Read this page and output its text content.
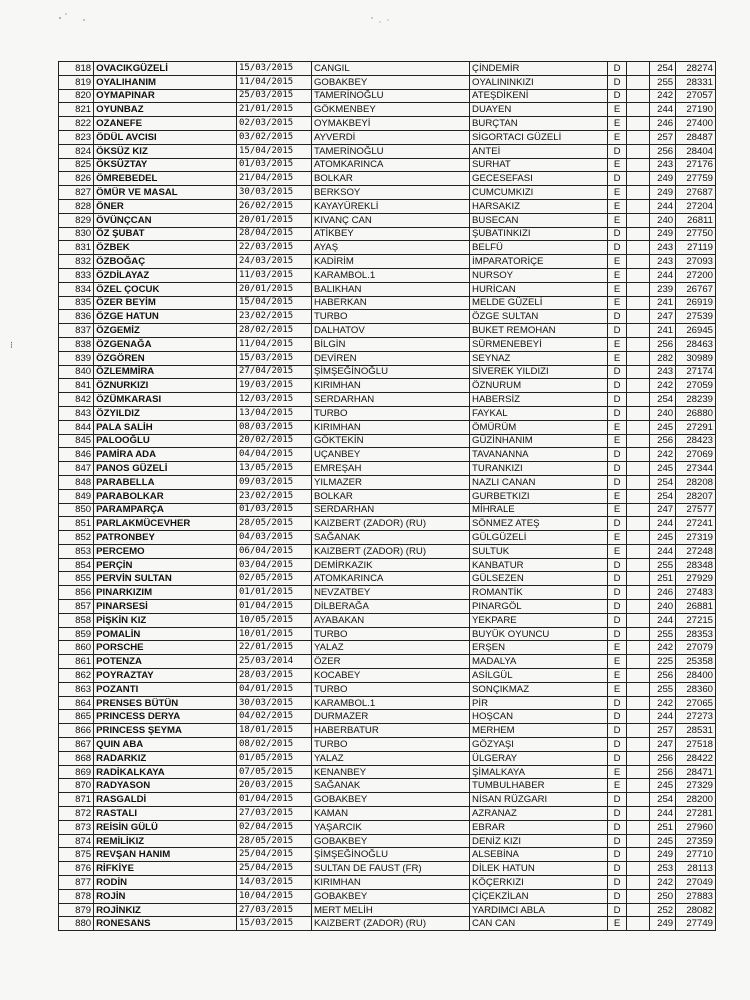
⁝
818	OVACIKGÜZELİ	15/03/2015	CANGIL	ÇİNDEMİR	D		254	28274
819	OYALIHANIM	11/04/2015	GOBAKBEY	OYALININKIZI	D		255	28331
820	OYMAPINAR	25/03/2015	TAMERİNOĞLU	ATEŞDİKENİ	D		242	27057
821	OYUNBAZ	21/01/2015	GÖKMENBEY	DUAYEN	E		244	27190
822	OZANEFE	02/03/2015	OYMAKBEYİ	BURÇTAN	E		246	27400
823	ÖDÜL AVCISI	03/02/2015	AYVERDİ	SİGORTACI GÜZELİ	E		257	28487
824	ÖKSÜZ KIZ	15/04/2015	TAMERİNOĞLU	ANTEİ	D		256	28404
825	ÖKSÜZTAY	01/03/2015	ATOMKARINCA	SURHAT	E		243	27176
826	ÖMREBEDEL	21/04/2015	BOLKAR	GECESEFASI	D		249	27759
827	ÖMÜR VE MASAL	30/03/2015	BERKSOY	CUMCUMKIZI	E		249	27687
828	ÖNER	26/02/2015	KAYAYÜREKLİ	HARSAKIZ	E		244	27204
829	ÖVÜNÇCAN	20/01/2015	KIVANÇ CAN	BUSECAN	E		240	26811
830	ÖZ ŞUBAT	28/04/2015	ATİKBEY	ŞUBATINKIZI	D		249	27750
831	ÖZBEK	22/03/2015	AYAŞ	BELFÜ	D		243	27119
832	ÖZBOĞAÇ	24/03/2015	KADİRİM	İMPARATORİÇE	E		243	27093
833	ÖZDİLAYAZ	11/03/2015	KARAMBOL.1	NURSOY	E		244	27200
834	ÖZEL ÇOCUK	20/01/2015	BALIKHAN	HURİCAN	E		239	26767
835	ÖZER BEYİM	15/04/2015	HABERKAN	MELDE GÜZELİ	E		241	26919
836	ÖZGE HATUN	23/02/2015	TURBO	ÖZGE SULTAN	D		247	27539
837	ÖZGEMİZ	28/02/2015	DALHATOV	BUKET REMOHAN	D		241	26945
838	ÖZGENAĞA	11/04/2015	BİLGİN	SÜRMENEBEYİ	E		256	28463
839	ÖZGÖREN	15/03/2015	DEVİREN	SEYNAZ	E		282	30989
840	ÖZLEMMİRA	27/04/2015	ŞİMŞEĞİNOĞLU	SİVEREK YILDIZI	D		243	27174
841	ÖZNURKIZI	19/03/2015	KIRIMHAN	ÖZNURUM	D		242	27059
842	ÖZÜMKARASI	12/03/2015	SERDARHAN	HABERSİZ	D		254	28239
843	ÖZYILDIZ	13/04/2015	TURBO	FAYKAL	D		240	26880
844	PALA SALİH	08/03/2015	KIRIMHAN	ÖMÜRÜM	E		245	27291
845	PALOOĞLU	20/02/2015	GÖKTEKİN	GÜZİNHANIM	E		256	28423
846	PAMİRA ADA	04/04/2015	UÇANBEY	TAVANANNA	D		242	27069
847	PANOS GÜZELİ	13/05/2015	EMREŞAH	TURANKIZI	D		245	27344
848	PARABELLA	09/03/2015	YILMAZER	NAZLI CANAN	D		254	28208
849	PARABOLKAR	23/02/2015	BOLKAR	GURBETKIZI	E		254	28207
850	PARAMPARÇA	01/03/2015	SERDARHAN	MİHRALE	E		247	27577
851	PARLAKMÜCEVHER	28/05/2015	KAIZBERT (ZADOR) (RU)	SÖNMEZ ATEŞ	D		244	27241
852	PATRONBEY	04/03/2015	SAĞANAK	GÜLGÜZELİ	E		245	27319
853	PERCEMO	06/04/2015	KAIZBERT (ZADOR) (RU)	SULTUK	E		244	27248
854	PERÇİN	03/04/2015	DEMİRKAZIK	KANBATUR	D		255	28348
855	PERVİN SULTAN	02/05/2015	ATOMKARINCA	GÜLSEZEN	D		251	27929
856	PINARKIZIM	01/01/2015	NEVZATBEY	ROMANTİK	D		246	27483
857	PINARSESİ	01/04/2015	DİLBERAĞA	PINARGÖL	D		240	26881
858	PİŞKİN KIZ	10/05/2015	AYABAKAN	YEKPARE	D		244	27215
859	POMALİN	10/01/2015	TURBO	BUYÜK OYUNCU	D		255	28353
860	PORSCHE	22/01/2015	YALAZ	ERŞEN	E		242	27079
861	POTENZA	25/03/2014	ÖZER	MADALYA	E		225	25358
862	POYRAZTAY	28/03/2015	KOCABEY	ASİLGÜL	E		256	28400
863	POZANTI	04/01/2015	TURBO	SONÇIKMAZ	E		255	28360
864	PRENSES BÜTÜN	30/03/2015	KARAMBOL.1	PİR	D		242	27065
865	PRINCESS DERYA	04/02/2015	DURMAZER	HOŞCAN	D		244	27273
866	PRINCESS ŞEYMA	18/01/2015	HABERBATUR	MERHEM	D		257	28531
867	QUIN ABA	08/02/2015	TURBO	GÖZYAŞI	D		247	27518
868	RADARKIZ	01/05/2015	YALAZ	ÜLGERAY	D		256	28422
869	RADİKALKAYA	07/05/2015	KENANBEY	ŞİMALKAYA	E		256	28471
870	RADYASON	20/03/2015	SAĞANAK	TUMBULHABER	E		245	27329
871	RASGALDİ	01/04/2015	GOBAKBEY	NİSAN RÜZGARI	D		254	28200
872	RASTALI	27/03/2015	KAMAN	AZRANAZ	D		244	27281
873	REİSİN GÜLÜ	02/04/2015	YAŞARCIK	EBRAR	D		251	27960
874	REMİLİKIZ	28/05/2015	GOBAKBEY	DENİZ KIZI	D		245	27359
875	REVŞAN HANIM	25/04/2015	ŞİMŞEĞİNOĞLU	ALSEBİNA	D		249	27710
876	RİFKİYE	25/04/2015	SULTAN DE FAUST (FR)	DİLEK HATUN	D		253	28113
877	RODİN	14/03/2015	KIRIMHAN	KÖÇERKIZI	D		242	27049
878	ROJİN	10/04/2015	GOBAKBEY	ÇİÇEKZİLAN	D		250	27883
879	ROJİNKIZ	27/03/2015	MERT MELİH	YARDIMCI ABLA	D		252	28082
880	RONESANS	15/03/2015	KAIZBERT (ZADOR) (RU)	CAN CAN	E		249	27749
